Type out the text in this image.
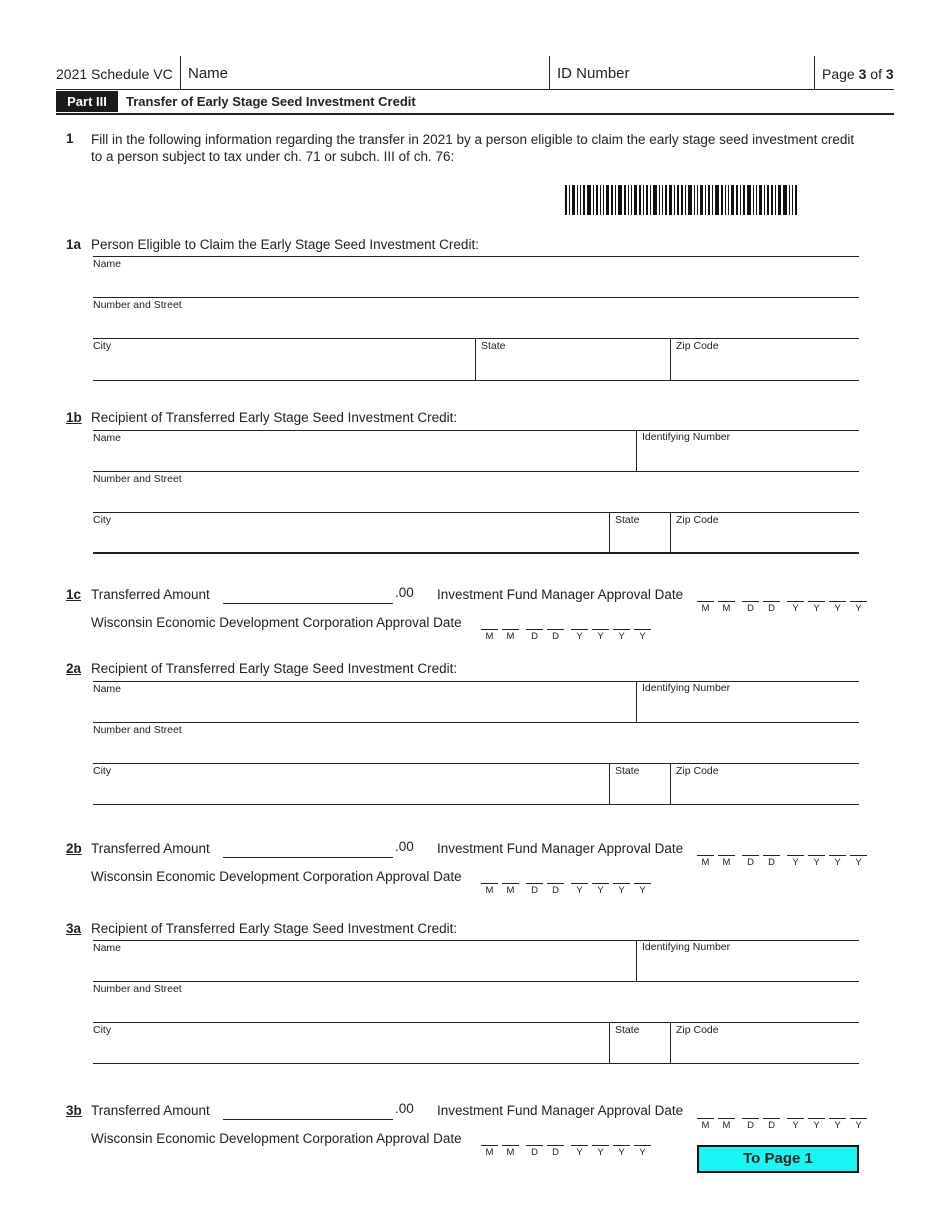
2021 Schedule VC Name	ID Number	Page 3 of 3
Part III	Transfer of Early Stage Seed Investment Credit
1 Fill in the following information regarding the transfer in 2021 by a person eligible to claim the early stage seed investment credit to a person subject to tax under ch. 71 or subch. III of ch. 76:
1a Person Eligible to Claim the Early Stage Seed Investment Credit:
Name
Number and Street
City	State	Zip Code
1b Recipient of Transferred Early Stage Seed Investment Credit:
Name	Identifying Number
Number and Street
City	State	Zip Code
1c Transferred Amount	.00 Investment Fund Manager Approval Date
M	M	D	D	Y	Y	Y	Y
Wisconsin Economic Development Corporation Approval Date
M	M	D	D	Y	Y	Y	Y
2a Recipient of Transferred Early Stage Seed Investment Credit:
Name	Identifying Number
Number and Street
City	State	Zip Code
2b Transferred Amount	.00 Investment Fund Manager Approval Date
M	M	D	D	Y	Y	Y	Y
Wisconsin Economic Development Corporation Approval Date
M	M	D	D	Y	Y	Y	Y
3a Recipient of Transferred Early Stage Seed Investment Credit:
Name	Identifying Number
Number and Street
City	State	Zip Code
3b Transferred Amount	.00 Investment Fund Manager Approval Date
M	M	D	D	Y	Y	Y	Y
Wisconsin Economic Development Corporation Approval Date
M	M	D	D	Y	Y	Y	Y	To Page 1
